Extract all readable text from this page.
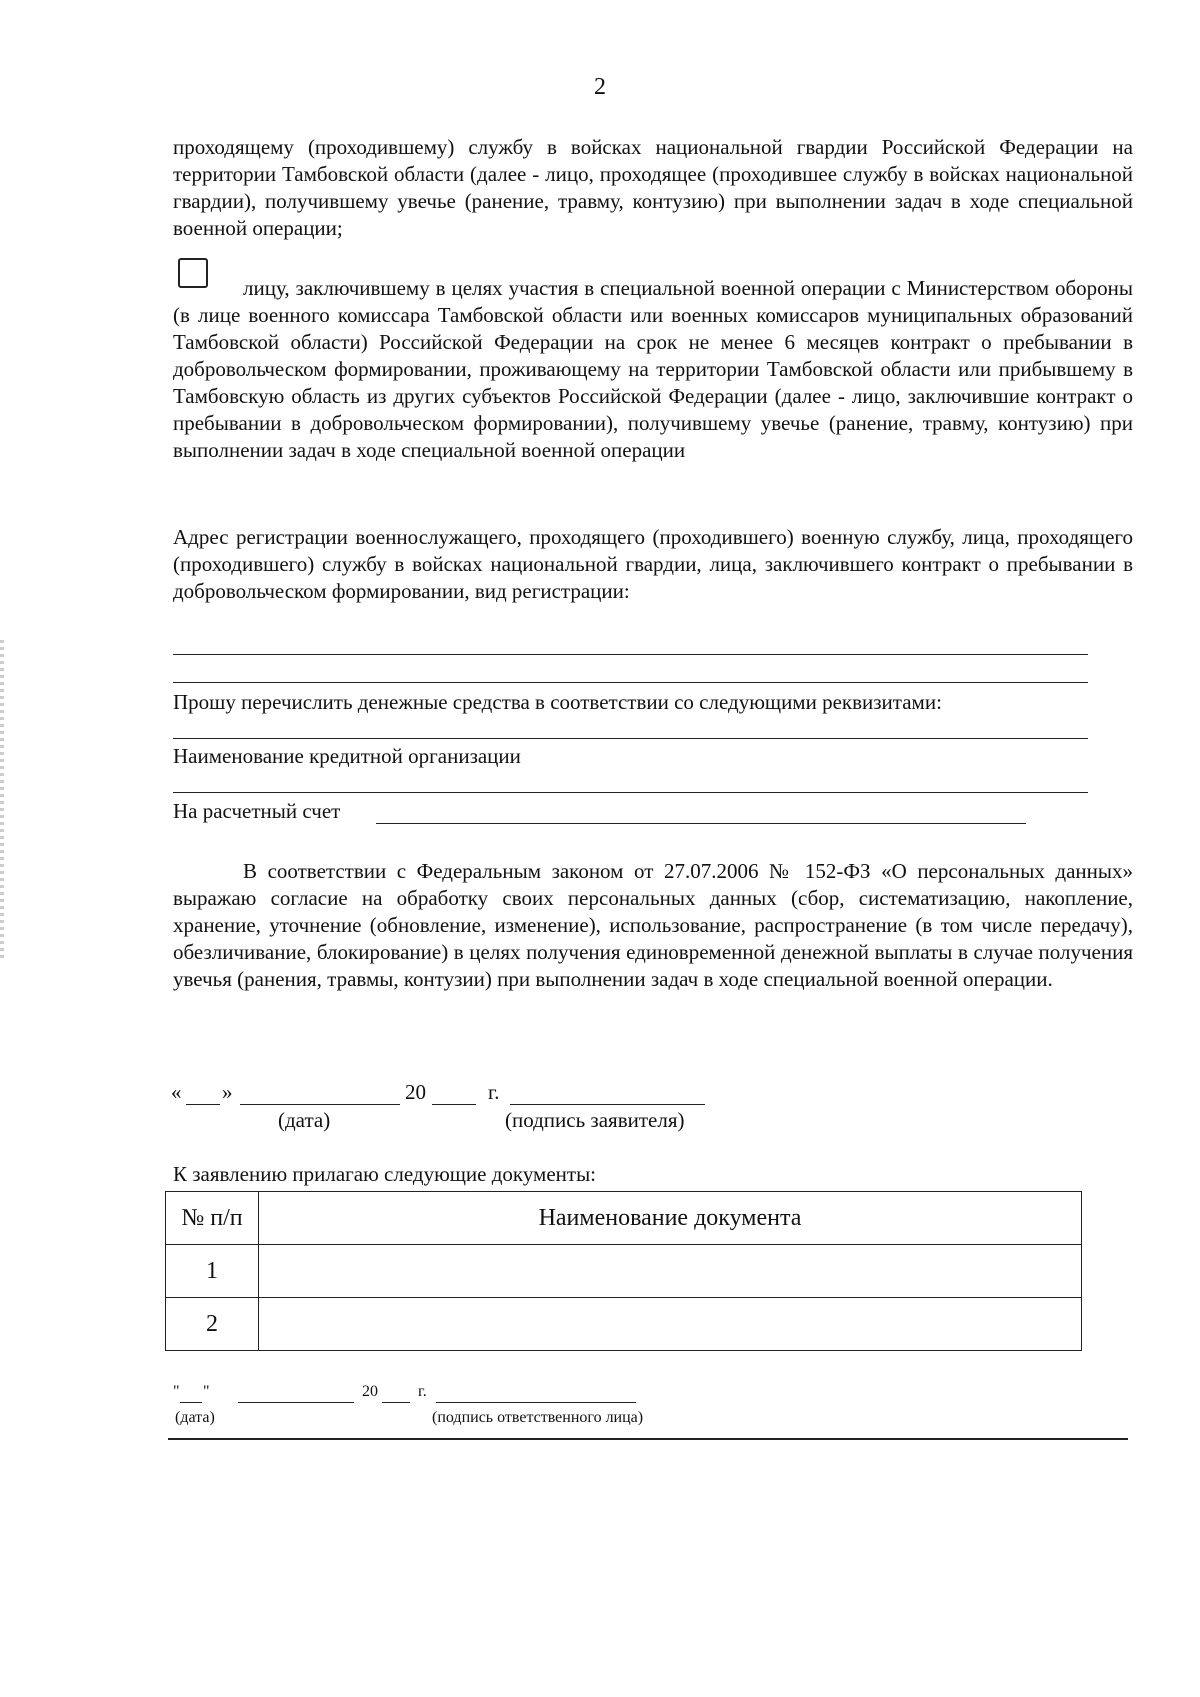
2

проходящему (проходившему) службу в войсках национальной гвардии Российской Федерации на территории Тамбовской области (далее - лицо, проходящее (проходившее службу в войсках национальной гвардии), получившему увечье (ранение, травму, контузию) при выполнении задач в ходе специальной военной операции;

лицу, заключившему в целях участия в специальной военной операции с Министерством обороны (в лице военного комиссара Тамбовской области или военных комиссаров муниципальных образований Тамбовской области) Российской Федерации на срок не менее 6 месяцев контракт о пребывании в добровольческом формировании, проживающему на территории Тамбовской области или прибывшему в Тамбовскую область из других субъектов Российской Федерации (далее - лицо, заключившие контракт о пребывании в добровольческом формировании), получившему увечье (ранение, травму, контузию) при выполнении задач в ходе специальной военной операции

Адрес регистрации военнослужащего, проходящего (проходившего) военную службу, лица, проходящего (проходившего) службу в войсках национальной гвардии, лица, заключившего контракт о пребывании в добровольческом формировании, вид регистрации:

Прошу перечислить денежные средства в соответствии со следующими реквизитами:
Наименование кредитной организации
На расчетный счет

В соответствии с Федеральным законом от 27.07.2006 № 152-ФЗ «О персональных данных» выражаю согласие на обработку своих персональных данных (сбор, систематизацию, накопление, хранение, уточнение (обновление, изменение), использование, распространение (в том числе передачу), обезличивание, блокирование) в целях получения единовременной денежной выплаты в случае получения увечья (ранения, травмы, контузии) при выполнении задач в ходе специальной военной операции.

« »	20	г.
(дата)	(подпись заявителя)
К заявлению прилагаю следующие документы:
№ п/п	Наименование документа
1	
2	
" "	20	г.
(дата)	(подпись ответственного лица)
